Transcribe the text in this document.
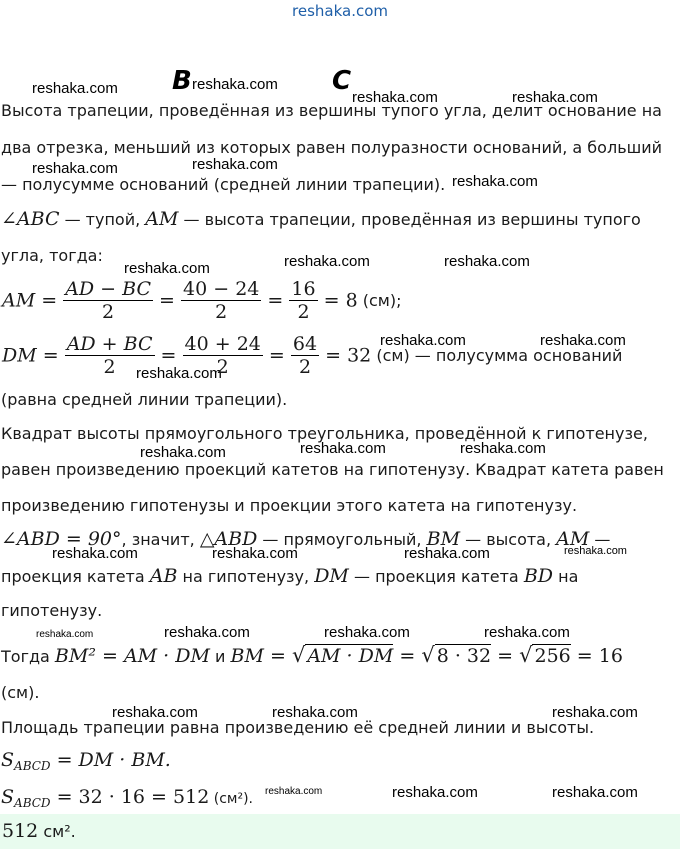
reshaka.com
reshaka.com B reshaka.com C
reshaka.com	reshaka.com
reshaka.com	reshaka.com
reshaka.com
reshaka.com	reshaka.com	reshaka.com
reshaka.com	reshaka.com
reshaka.com
reshaka.com	reshaka.com	reshaka.com
reshaka.com	reshaka.com	reshaka.com	reshaka.com
reshaka.com	reshaka.com	reshaka.com	reshaka.com
reshaka.com	reshaka.com	reshaka.com
reshaka.com	reshaka.com	reshaka.com
Высота трапеции, проведённая из вершины тупого угла, делит основание на
два отрезка, меньший из которых равен полуразности оснований, а больший
— полусумме оснований (средней линии трапеции).
∠ABC — тупой, AM — высота трапеции, проведённая из вершины тупого
угла, тогда:
AM = $\frac{AD - BC}{2} = \frac{40 - 24}{2} = \frac{16}{2} = 8$ (см);
DM = $\frac{AD + BC}{2} = \frac{40 + 24}{2} = \frac{64}{2} = 32$ (см) — полусумма оснований
(равна средней линии трапеции).
Квадрат высоты прямоугольного треугольника, проведённой к гипотенузе,
равен произведению проекций катетов на гипотенузу. Квадрат катета равен
произведению гипотенузы и проекции этого катета на гипотенузу.
∠ABD = 90°, значит, △ABD — прямоугольный, BM — высота, AM —
проекция катета AB на гипотенузу, DM — проекция катета BD на
гипотенузу.
Тогда BM² = AM · DM и BM = √ AM · DM = √ 8 · 32 = √ 256 = 16
(см).
Площадь трапеции равна произведению её средней линии и высоты.
$S_{ABCD}$ = DM · BM.
$S_{ABCD} = 32 \cdot 16 = 512$ (см²).
512 см².
